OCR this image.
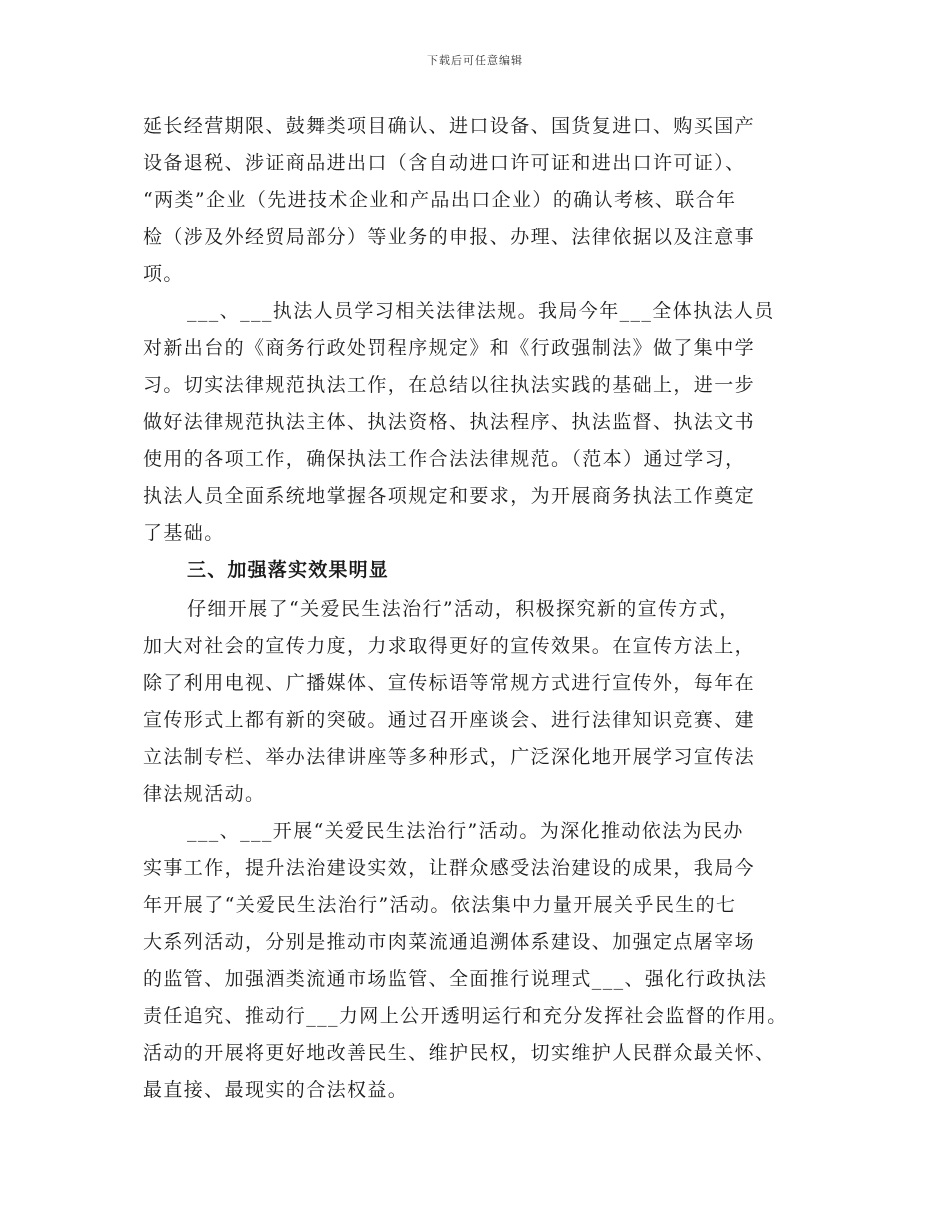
下载后可任意编辑
延长经营期限、鼓舞类项目确认、进口设备、国货复进口、购买国产
设备退税、涉证商品进出口（含自动进口许可证和进出口许可证）、
“两类”企业（先进技术企业和产品出口企业）的确认考核、联合年
检（涉及外经贸局部分）等业务的申报、办理、法律依据以及注意事
项。
___、___执法人员学习相关法律法规。我局今年___全体执法人员
对新出台的《商务行政处罚程序规定》和《行政强制法》做了集中学
习。切实法律规范执法工作，在总结以往执法实践的基础上，进一步
做好法律规范执法主体、执法资格、执法程序、执法监督、执法文书
使用的各项工作，确保执法工作合法法律规范。（范本）通过学习，
执法人员全面系统地掌握各项规定和要求，为开展商务执法工作奠定
了基础。
三、加强落实效果明显
仔细开展了“关爱民生法治行”活动，积极探究新的宣传方式，
加大对社会的宣传力度，力求取得更好的宣传效果。在宣传方法上，
除了利用电视、广播媒体、宣传标语等常规方式进行宣传外，每年在
宣传形式上都有新的突破。通过召开座谈会、进行法律知识竞赛、建
立法制专栏、举办法律讲座等多种形式，广泛深化地开展学习宣传法
律法规活动。
___、___开展“关爱民生法治行”活动。为深化推动依法为民办
实事工作，提升法治建设实效，让群众感受法治建设的成果，我局今
年开展了“关爱民生法治行”活动。依法集中力量开展关乎民生的七
大系列活动，分别是推动市肉菜流通追溯体系建设、加强定点屠宰场
的监管、加强酒类流通市场监管、全面推行说理式___、强化行政执法
责任追究、推动行___力网上公开透明运行和充分发挥社会监督的作用。
活动的开展将更好地改善民生、维护民权，切实维护人民群众最关怀、
最直接、最现实的合法权益。
